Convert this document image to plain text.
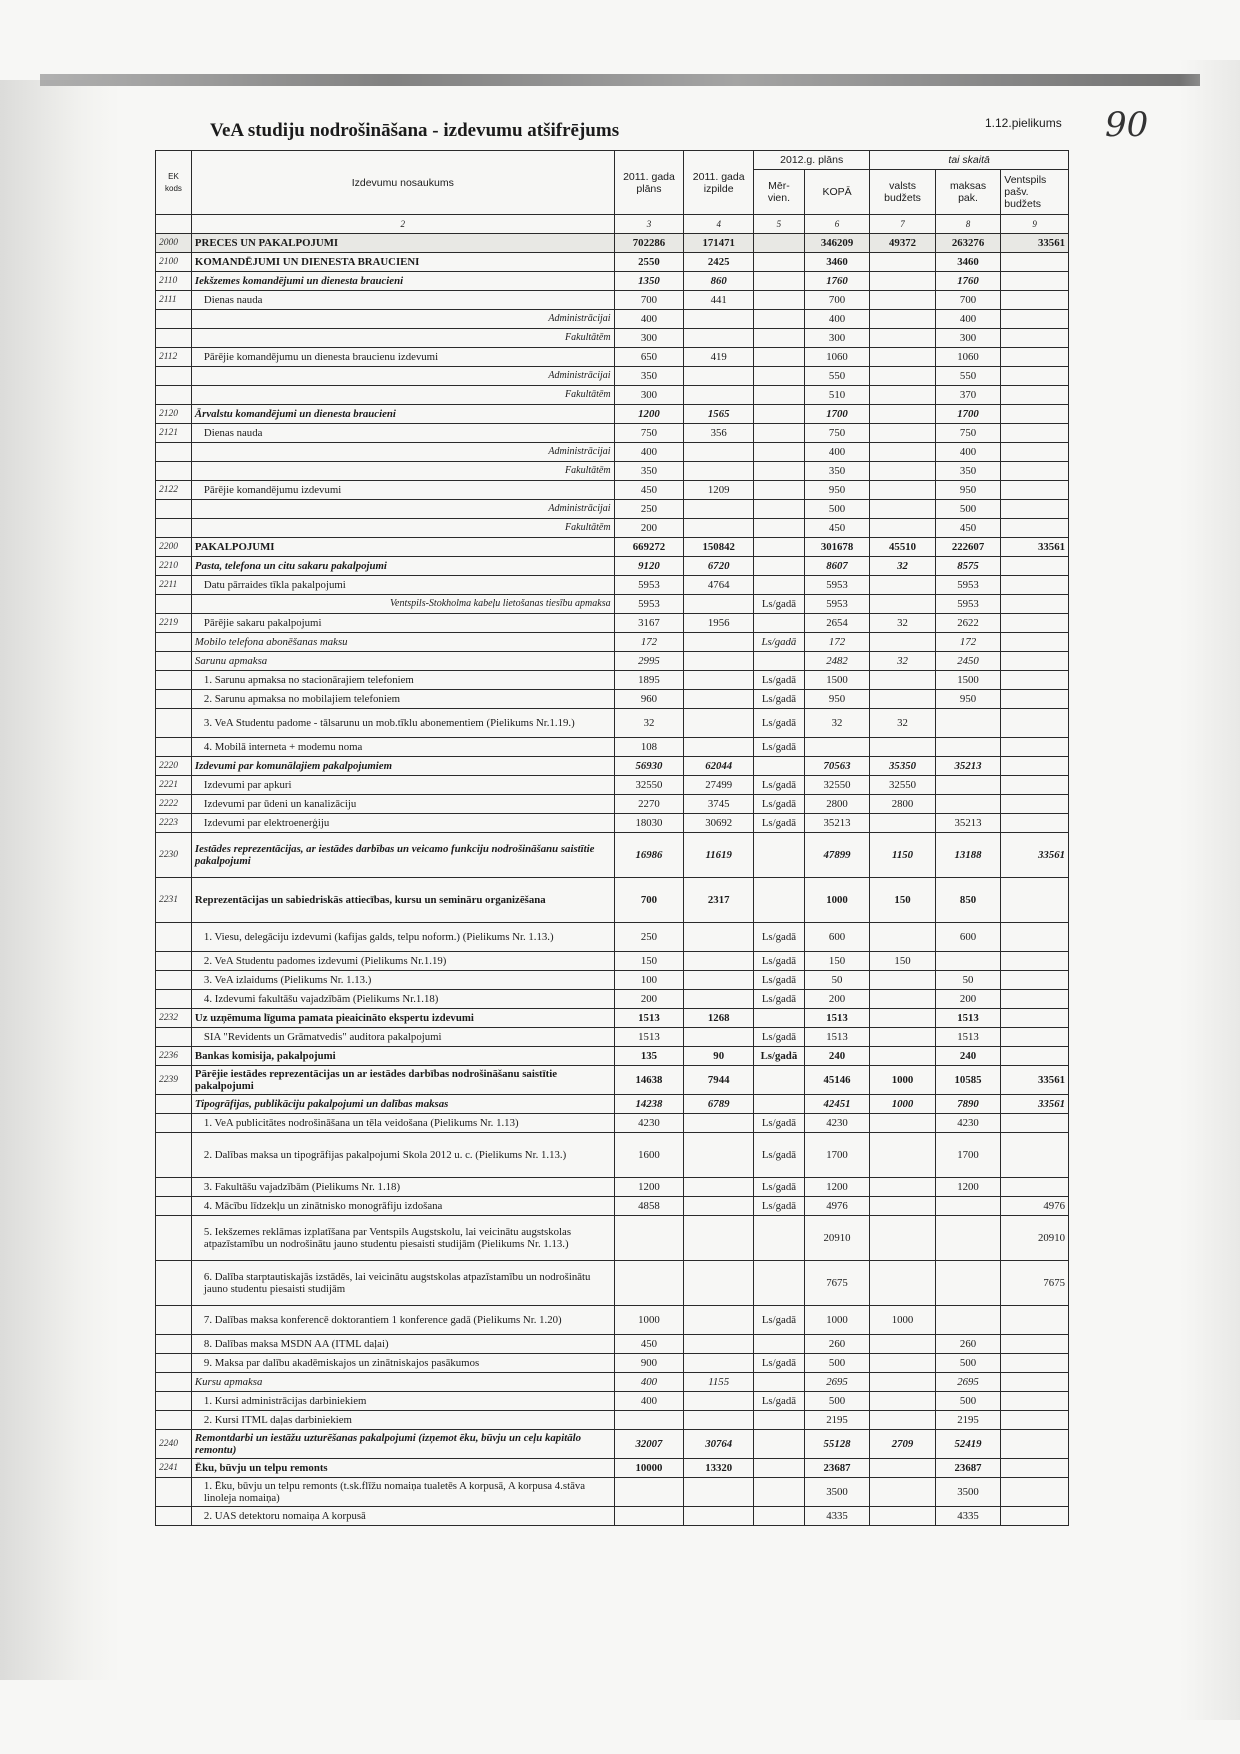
VeA studiju nodrošināšana - izdevumu atšifrējums	1.12.pielikums 90
EK kods	Izdevumu nosaukums	2011. gada plāns	2011. gada izpilde	2012.g. plāns		tai skaitā		
				Mēr-vien.	KOPĀ	valsts budžets	maksas pak.	Ventspils pašv. budžets
	2	3	4	5	6	7	8	9
2000	PRECES UN PAKALPOJUMI	702286	171471		346209	49372	263276	33561
2100	KOMANDĒJUMI UN DIENESTA BRAUCIENI	2550	2425		3460		3460	
2110	Iekšzemes komandējumi un dienesta braucieni	1350	860		1760		1760	
2111	Dienas nauda	700	441		700		700	
	Administrācijai	400			400		400	
	Fakultātēm	300			300		300	
2112	Pārējie komandējumu un dienesta braucienu izdevumi	650	419		1060		1060	
	Administrācijai	350			550		550	
	Fakultātēm	300			510		370	
2120	Ārvalstu komandējumi un dienesta braucieni	1200	1565		1700		1700	
2121	Dienas nauda	750	356		750		750	
	Administrācijai	400			400		400	
	Fakultātēm	350			350		350	
2122	Pārējie komandējumu izdevumi	450	1209		950		950	
	Administrācijai	250			500		500	
	Fakultātēm	200			450		450	
2200	PAKALPOJUMI	669272	150842		301678	45510	222607	33561
2210	Pasta, telefona un citu sakaru pakalpojumi	9120	6720		8607	32	8575	
2211	Datu pārraides tīkla pakalpojumi	5953	4764		5953		5953	
	Ventspils-Stokholma kabeļu lietošanas tiesību apmaksa	5953		Ls/gadā	5953		5953	
2219	Pārējie sakaru pakalpojumi	3167	1956		2654	32	2622	
	Mobilo telefona abonēšanas maksu	172		Ls/gadā	172		172	
	Sarunu apmaksa	2995			2482	32	2450	
	1. Sarunu apmaksa no stacionārajiem telefoniem	1895		Ls/gadā	1500		1500	
	2. Sarunu apmaksa no mobilajiem telefoniem	960		Ls/gadā	950		950	
	3. VeA Studentu padome - tālsarunu un mob.tīklu abonementiem (Pielikums Nr.1.19.)	32		Ls/gadā	32	32		
	4. Mobilā interneta + modemu noma	108		Ls/gadā				
2220	Izdevumi par komunālajiem pakalpojumiem	56930	62044		70563	35350	35213	
2221	Izdevumi par apkuri	32550	27499	Ls/gadā	32550	32550		
2222	Izdevumi par ūdeni un kanalizāciju	2270	3745	Ls/gadā	2800	2800		
2223	Izdevumi par elektroenerģiju	18030	30692	Ls/gadā	35213		35213	
2230	Iestādes reprezentācijas, ar iestādes darbības un veicamo funkciju nodrošināšanu saistītie pakalpojumi	16986	11619		47899	1150	13188	33561
2231	Reprezentācijas un sabiedriskās attiecības, kursu un semināru organizēšana	700	2317		1000	150	850	
	1. Viesu, delegāciju izdevumi (kafijas galds, telpu noform.) (Pielikums Nr. 1.13.)	250		Ls/gadā	600		600	
	2. VeA Studentu padomes izdevumi (Pielikums Nr.1.19)	150		Ls/gadā	150	150		
	3. VeA izlaidums (Pielikums Nr. 1.13.)	100		Ls/gadā	50		50	
	4. Izdevumi fakultāšu vajadzībām (Pielikums Nr.1.18)	200		Ls/gadā	200		200	
2232	Uz uzņēmuma līguma pamata pieaicināto ekspertu izdevumi	1513	1268		1513		1513	
	SIA "Revidents un Grāmatvedis" auditora pakalpojumi	1513		Ls/gadā	1513		1513	
2236	Bankas komisija, pakalpojumi	135	90	Ls/gadā	240		240	
2239	Pārējie iestādes reprezentācijas un ar iestādes darbības nodrošināšanu saistītie pakalpojumi	14638	7944		45146	1000	10585	33561
	Tipogrāfijas, publikāciju pakalpojumi un dalības maksas	14238	6789		42451	1000	7890	33561
	1. VeA publicitātes nodrošināšana un tēla veidošana (Pielikums Nr. 1.13)	4230		Ls/gadā	4230		4230	
	2. Dalības maksa un tipogrāfijas pakalpojumi Skola 2012 u. c. (Pielikums Nr. 1.13.)	1600		Ls/gadā	1700		1700	
	3. Fakultāšu vajadzībām (Pielikums Nr. 1.18)	1200		Ls/gadā	1200		1200	
	4. Mācību līdzekļu un zinātnisko monogrāfiju izdošana	4858		Ls/gadā	4976			4976
	5. Iekšzemes reklāmas izplatīšana par Ventspils Augstskolu, lai veicinātu augstskolas atpazīstamību un nodrošinātu jauno studentu piesaisti studijām (Pielikums Nr. 1.13.)				20910			20910
	6. Dalība starptautiskajās izstādēs, lai veicinātu augstskolas atpazīstamību un nodrošinātu jauno studentu piesaisti studijām				7675			7675
	7. Dalības maksa konferencē doktorantiem 1 konference gadā (Pielikums Nr. 1.20)	1000		Ls/gadā	1000	1000		
	8. Dalības maksa MSDN AA (ITML daļai)	450			260		260	
	9. Maksa par dalību akadēmiskajos un zinātniskajos pasākumos	900		Ls/gadā	500		500	
	Kursu apmaksa	400	1155		2695		2695	
	1. Kursi administrācijas darbiniekiem	400		Ls/gadā	500		500	
	2. Kursi ITML daļas darbiniekiem				2195		2195	
2240	Remontdarbi un iestāžu uzturēšanas pakalpojumi (izņemot ēku, būvju un ceļu kapitālo remontu)	32007	30764		55128	2709	52419	
2241	Ēku, būvju un telpu remonts	10000	13320		23687		23687	
	1. Ēku, būvju un telpu remonts (t.sk.flīžu nomaiņa tualetēs A korpusā, A korpusa 4.stāva linoleja nomaiņa)				3500		3500	
	2. UAS detektoru nomaiņa A korpusā				4335		4335	
